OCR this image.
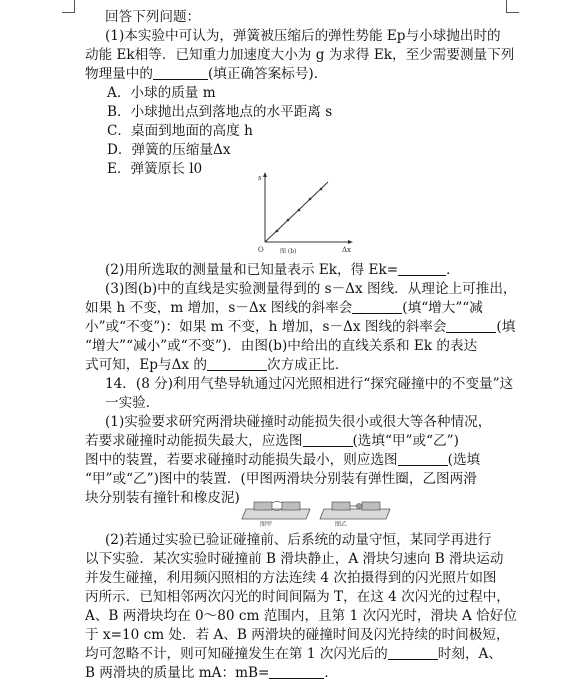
回答下列问题：
(1)本实验中可认为，弹簧被压缩后的弹性势能 Ep与小球抛出时的
动能 Ek相等．已知重力加速度大小为 g 为求得 Ek，至少需要测量下列
物理量中的	(填正确答案标号)．
A．小球的质量 m
B．小球抛出点到落地点的水平距离 s
C．桌面到地面的高度 h
D．弹簧的压缩量Δx
E．弹簧原长 l0
s
Δx
O	图 (b)
(2)用所选取的测量量和已知量表示 Ek，得 Ek=	．
(3)图(b)中的直线是实验测量得到的 s－Δx 图线．从理论上可推出，
如果 h 不变，m 增加，s－Δx 图线的斜率会	(填“增大”“减
小”或“不变”)：如果 m 不变，h 增加，s－Δx 图线的斜率会	(填
“增大”“减小”或“不变”)．由图(b)中给出的直线关系和 Ek 的表达
式可知，Ep与Δx 的	次方成正比．
14．(8 分)利用气垫导轨通过闪光照相进行“探究碰撞中的不变量”这一实验．
(1)实验要求研究两滑块碰撞时动能损失很小或很大等各种情况，
若要求碰撞时动能损失最大，应选图	(选填“甲”或“乙”)
图中的装置，若要求碰撞时动能损失最小，则应选图	(选填
“甲”或“乙”)图中的装置．(甲图两滑块分别装有弹性圈，乙图两滑
块分别装有撞针和橡皮泥)
图甲	图乙
(2)若通过实验已验证碰撞前、后系统的动量守恒，某同学再进行
以下实验．某次实验时碰撞前 B 滑块静止，A 滑块匀速向 B 滑块运动
并发生碰撞，利用频闪照相的方法连续 4 次拍摄得到的闪光照片如图
丙所示．已知相邻两次闪光的时间间隔为 T，在这 4 次闪光的过程中，
A、B 两滑块均在 0～80 cm 范围内，且第 1 次闪光时，滑块 A 恰好位
于 x=10 cm 处．若 A、B 两滑块的碰撞时间及闪光持续的时间极短，
均可忽略不计，则可知碰撞发生在第 1 次闪光后的	时刻，A、
B 两滑块的质量比 mA：mB=	．
